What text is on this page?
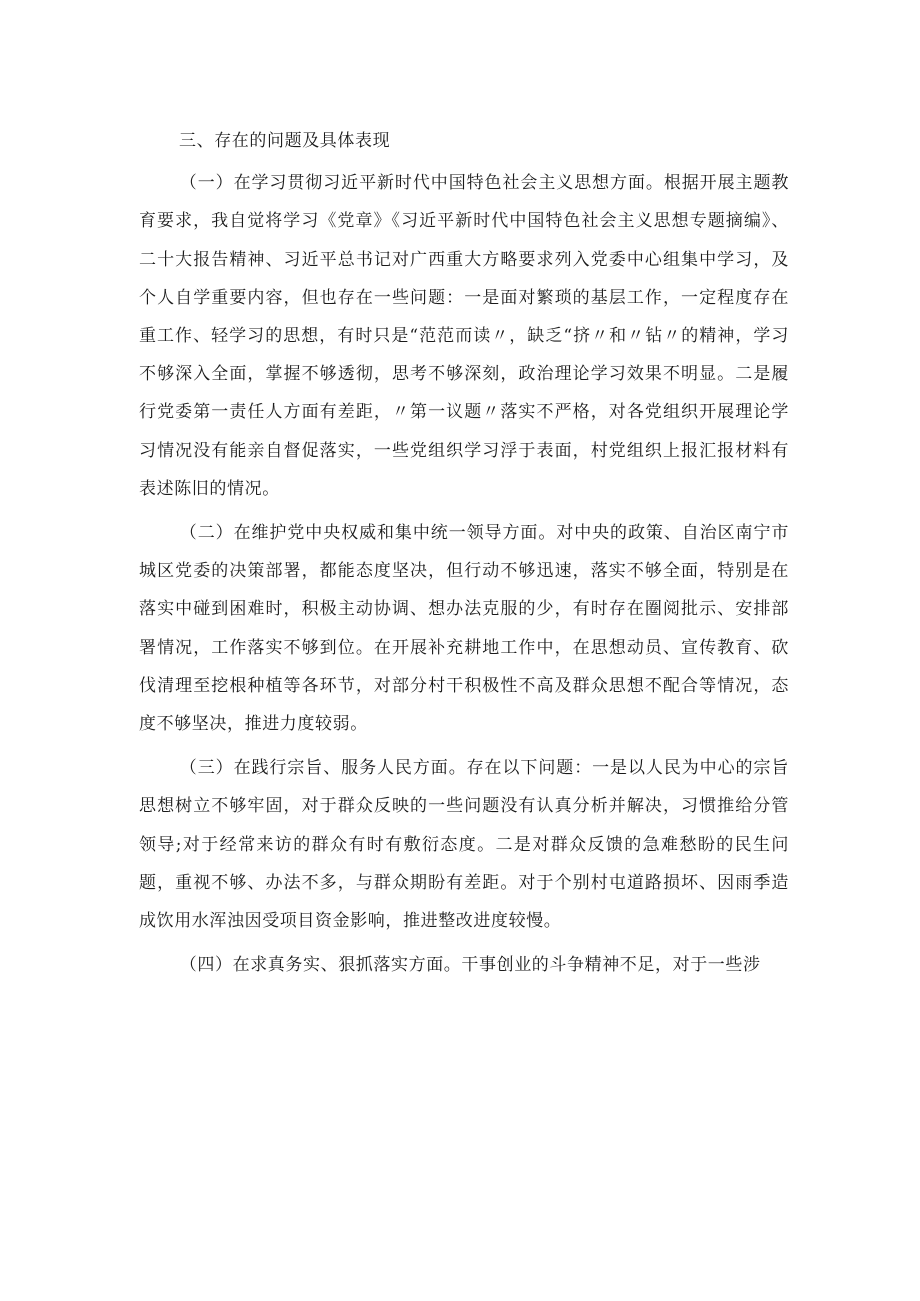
三、存在的问题及具体表现

（一）在学习贯彻习近平新时代中国特色社会主义思想方面。根据开展主题教育要求，我自觉将学习《党章》《习近平新时代中国特色社会主义思想专题摘编》、二十大报告精神、习近平总书记对广西重大方略要求列入党委中心组集中学习，及个人自学重要内容，但也存在一些问题：一是面对繁琐的基层工作，一定程度存在重工作、轻学习的思想，有时只是“范范而读〃，缺乏“挤〃和〃钻〃的精神，学习不够深入全面，掌握不够透彻，思考不够深刻，政治理论学习效果不明显。二是履行党委第一责任人方面有差距，〃第一议题〃落实不严格，对各党组织开展理论学习情况没有能亲自督促落实，一些党组织学习浮于表面，村党组织上报汇报材料有表述陈旧的情况。

（二）在维护党中央权威和集中统一领导方面。对中央的政策、自治区南宁市城区党委的决策部署，都能态度坚决，但行动不够迅速，落实不够全面，特别是在落实中碰到困难时，积极主动协调、想办法克服的少，有时存在圈阅批示、安排部署情况，工作落实不够到位。在开展补充耕地工作中，在思想动员、宣传教育、砍伐清理至挖根种植等各环节，对部分村干积极性不高及群众思想不配合等情况，态度不够坚决，推进力度较弱。

（三）在践行宗旨、服务人民方面。存在以下问题：一是以人民为中心的宗旨思想树立不够牢固，对于群众反映的一些问题没有认真分析并解决，习惯推给分管领导;对于经常来访的群众有时有敷衍态度。二是对群众反馈的急难愁盼的民生问题，重视不够、办法不多，与群众期盼有差距。对于个别村屯道路损坏、因雨季造成饮用水浑浊因受项目资金影响，推进整改进度较慢。

（四）在求真务实、狠抓落实方面。干事创业的斗争精神不足，对于一些涉
